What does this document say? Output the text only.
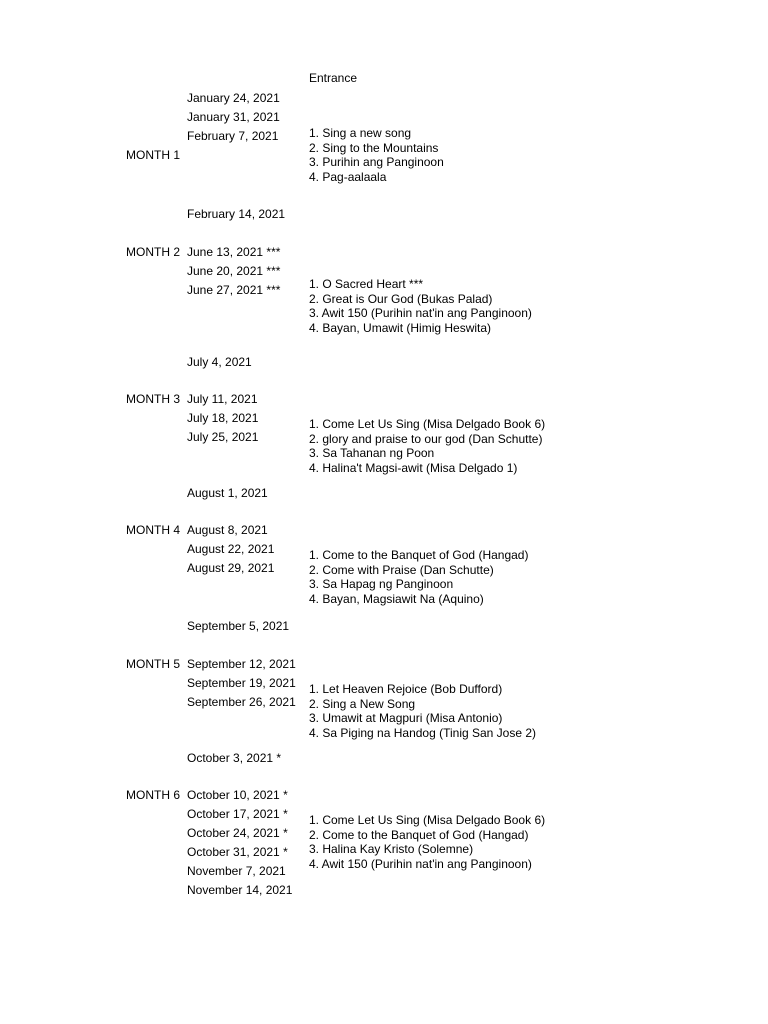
Entrance
MONTH 1
January 24, 2021
January 31, 2021
February 7, 2021	1. Sing a new song
2. Sing to the Mountains
3. Purihin ang Panginoon
4. Pag-aalaala
February 14, 2021
MONTH 2 June 13, 2021 ***
June 20, 2021 ***
June 27, 2021 *** 1. O Sacred Heart ***
2. Great is Our God (Bukas Palad)
3. Awit 150 (Purihin nat'in ang Panginoon)
4. Bayan, Umawit (Himig Heswita)
July 4, 2021
MONTH 3 July 11, 2021
July 18, 2021
July 25, 2021
1. Come Let Us Sing (Misa Delgado Book 6)
2. glory and praise to our god (Dan Schutte)
3. Sa Tahanan ng Poon
4. Halina't Magsi-awit (Misa Delgado 1)
August 1, 2021
MONTH 4 August 8, 2021
August 22, 2021
August 29, 2021
1. Come to the Banquet of God (Hangad)
2. Come with Praise (Dan Schutte)
3. Sa Hapag ng Panginoon
4. Bayan, Magsiawit Na (Aquino)
September 5, 2021
MONTH 5 September 12, 2021
September 19, 2021
September 26, 2021
1. Let Heaven Rejoice (Bob Dufford)
2. Sing a New Song
3. Umawit at Magpuri (Misa Antonio)
4. Sa Piging na Handog (Tinig San Jose 2)
October 3, 2021 *
MONTH 6 October 10, 2021 *
October 17, 2021 *
October 24, 2021 *
October 31, 2021 *
November 7, 2021
November 14, 2021
1. Come Let Us Sing (Misa Delgado Book 6)
2. Come to the Banquet of God (Hangad)
3. Halina Kay Kristo (Solemne)
4. Awit 150 (Purihin nat'in ang Panginoon)
